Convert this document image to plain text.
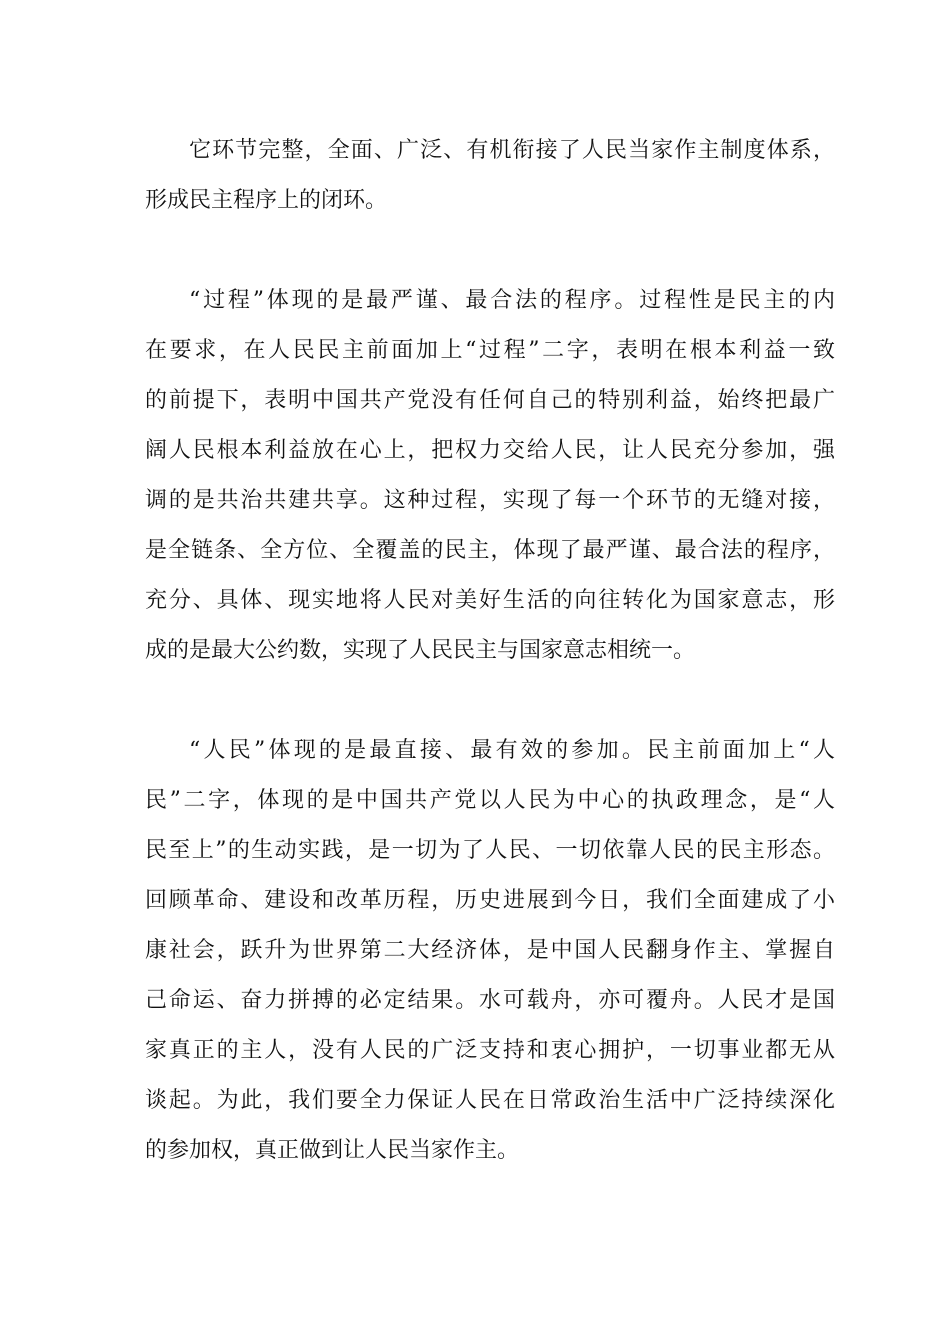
它环节完整，全面、广泛、有机衔接了人民当家作主制度体系，
形成民主程序上的闭环。
“过程”体现的是最严谨、最合法的程序。过程性是民主的内
在要求，在人民民主前面加上“过程”二字，表明在根本利益一致
的前提下，表明中国共产党没有任何自己的特别利益，始终把最广
阔人民根本利益放在心上，把权力交给人民，让人民充分参加，强
调的是共治共建共享。这种过程，实现了每一个环节的无缝对接，
是全链条、全方位、全覆盖的民主，体现了最严谨、最合法的程序，
充分、具体、现实地将人民对美好生活的向往转化为国家意志，形
成的是最大公约数，实现了人民民主与国家意志相统一。
“人民”体现的是最直接、最有效的参加。民主前面加上“人
民”二字，体现的是中国共产党以人民为中心的执政理念，是“人
民至上”的生动实践，是一切为了人民、一切依靠人民的民主形态。
回顾革命、建设和改革历程，历史进展到今日，我们全面建成了小
康社会，跃升为世界第二大经济体，是中国人民翻身作主、掌握自
己命运、奋力拼搏的必定结果。水可载舟，亦可覆舟。人民才是国
家真正的主人，没有人民的广泛支持和衷心拥护，一切事业都无从
谈起。为此，我们要全力保证人民在日常政治生活中广泛持续深化
的参加权，真正做到让人民当家作主。
